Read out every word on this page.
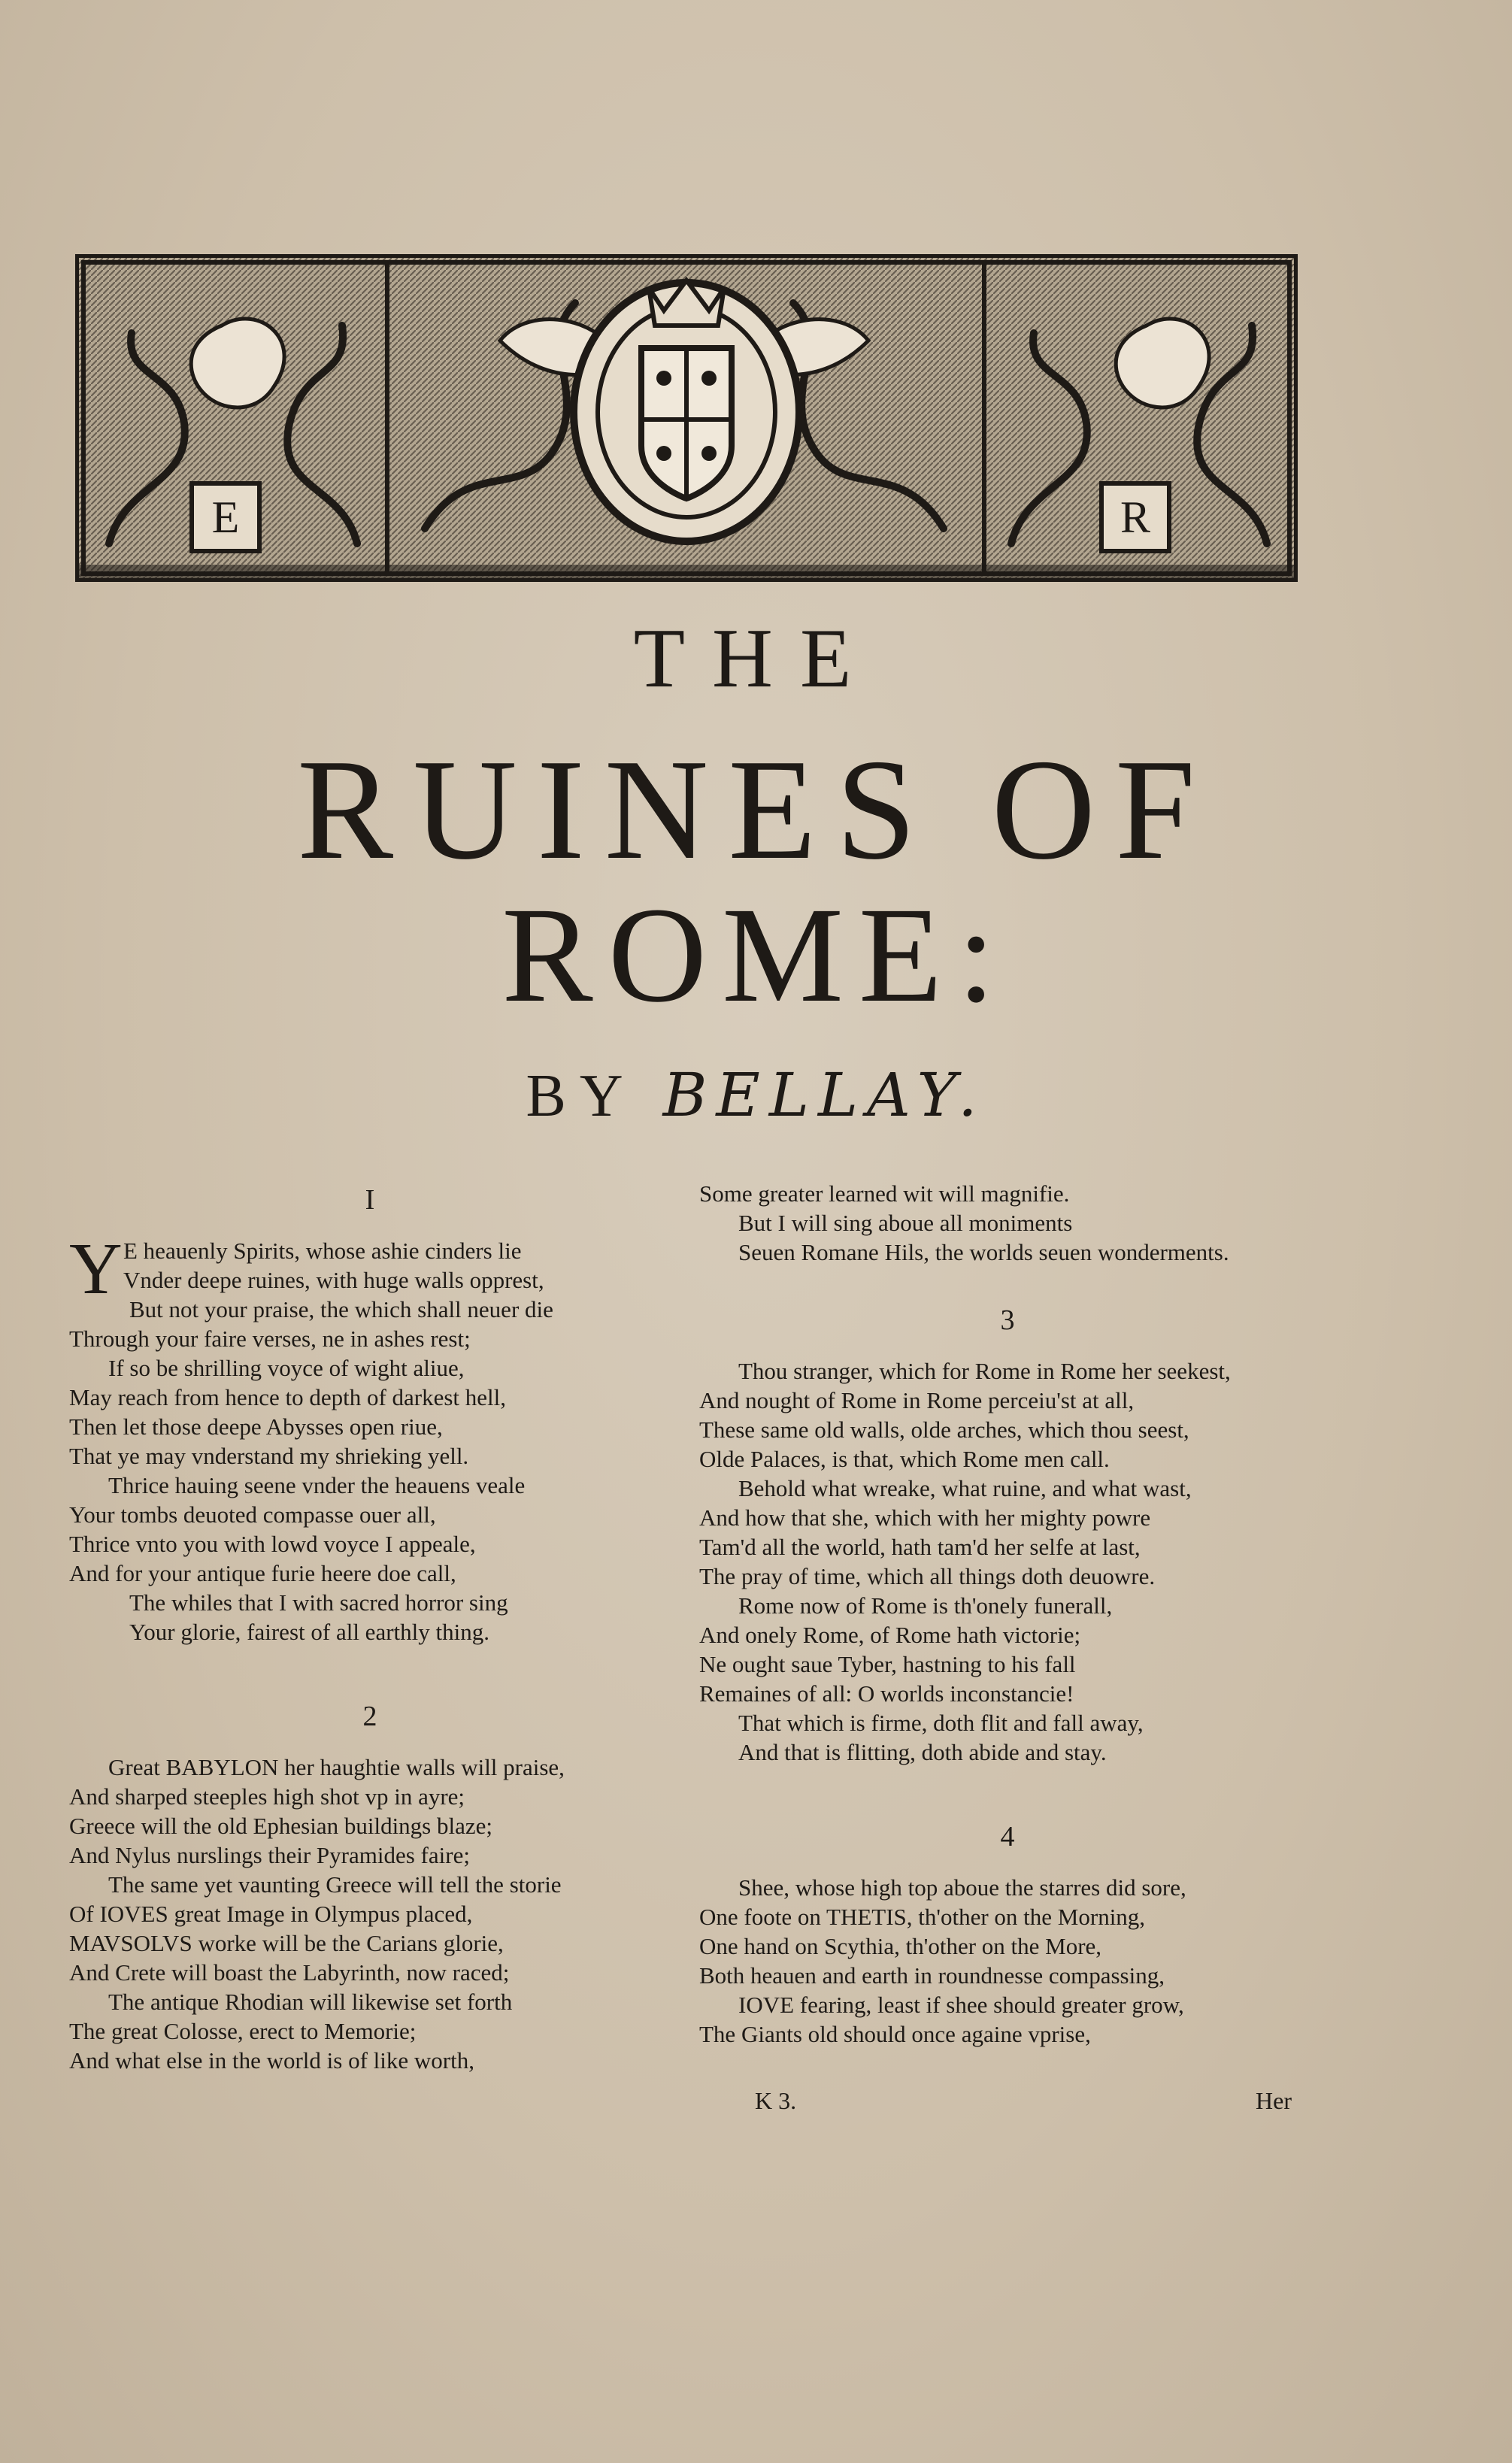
E	R
THE
RUINES OF
ROME:
BY BELLAY.
I
Y E heauenly Spirits, whose ashie cinders lie
Vnder deepe ruines, with huge walls opprest,
But not your praise, the which shall neuer die
Through your faire verses, ne in ashes rest;
If so be shrilling voyce of wight aliue,
May reach from hence to depth of darkest hell,
Then let those deepe Abysses open riue,
That ye may vnderstand my shrieking yell.
Thrice hauing seene vnder the heauens veale
Your tombs deuoted compasse ouer all,
Thrice vnto you with lowd voyce I appeale,
And for your antique furie heere doe call,
The whiles that I with sacred horror sing
Your glorie, fairest of all earthly thing.
2
Great BABYLON her haughtie walls will praise,
And sharped steeples high shot vp in ayre;
Greece will the old Ephesian buildings blaze;
And Nylus nurslings their Pyramides faire;
The same yet vaunting Greece will tell the storie
Of IOVES great Image in Olympus placed,
MAVSOLVS worke will be the Carians glorie,
And Crete will boast the Labyrinth, now raced;
The antique Rhodian will likewise set forth
The great Colosse, erect to Memorie;
And what else in the world is of like worth,
Some greater learned wit will magnifie.
But I will sing aboue all moniments
Seuen Romane Hils, the worlds seuen wonderments.
3
Thou stranger, which for Rome in Rome her seekest,
And nought of Rome in Rome perceiu'st at all,
These same old walls, olde arches, which thou seest,
Olde Palaces, is that, which Rome men call.
Behold what wreake, what ruine, and what wast,
And how that she, which with her mighty powre
Tam'd all the world, hath tam'd her selfe at last,
The pray of time, which all things doth deuowre.
Rome now of Rome is th'onely funerall,
And onely Rome, of Rome hath victorie;
Ne ought saue Tyber, hastning to his fall
Remaines of all: O worlds inconstancie!
That which is firme, doth flit and fall away,
And that is flitting, doth abide and stay.
4
Shee, whose high top aboue the starres did sore,
One foote on THETIS, th'other on the Morning,
One hand on Scythia, th'other on the More,
Both heauen and earth in roundnesse compassing,
IOVE fearing, least if shee should greater grow,
The Giants old should once againe vprise,
K 3.	Her
